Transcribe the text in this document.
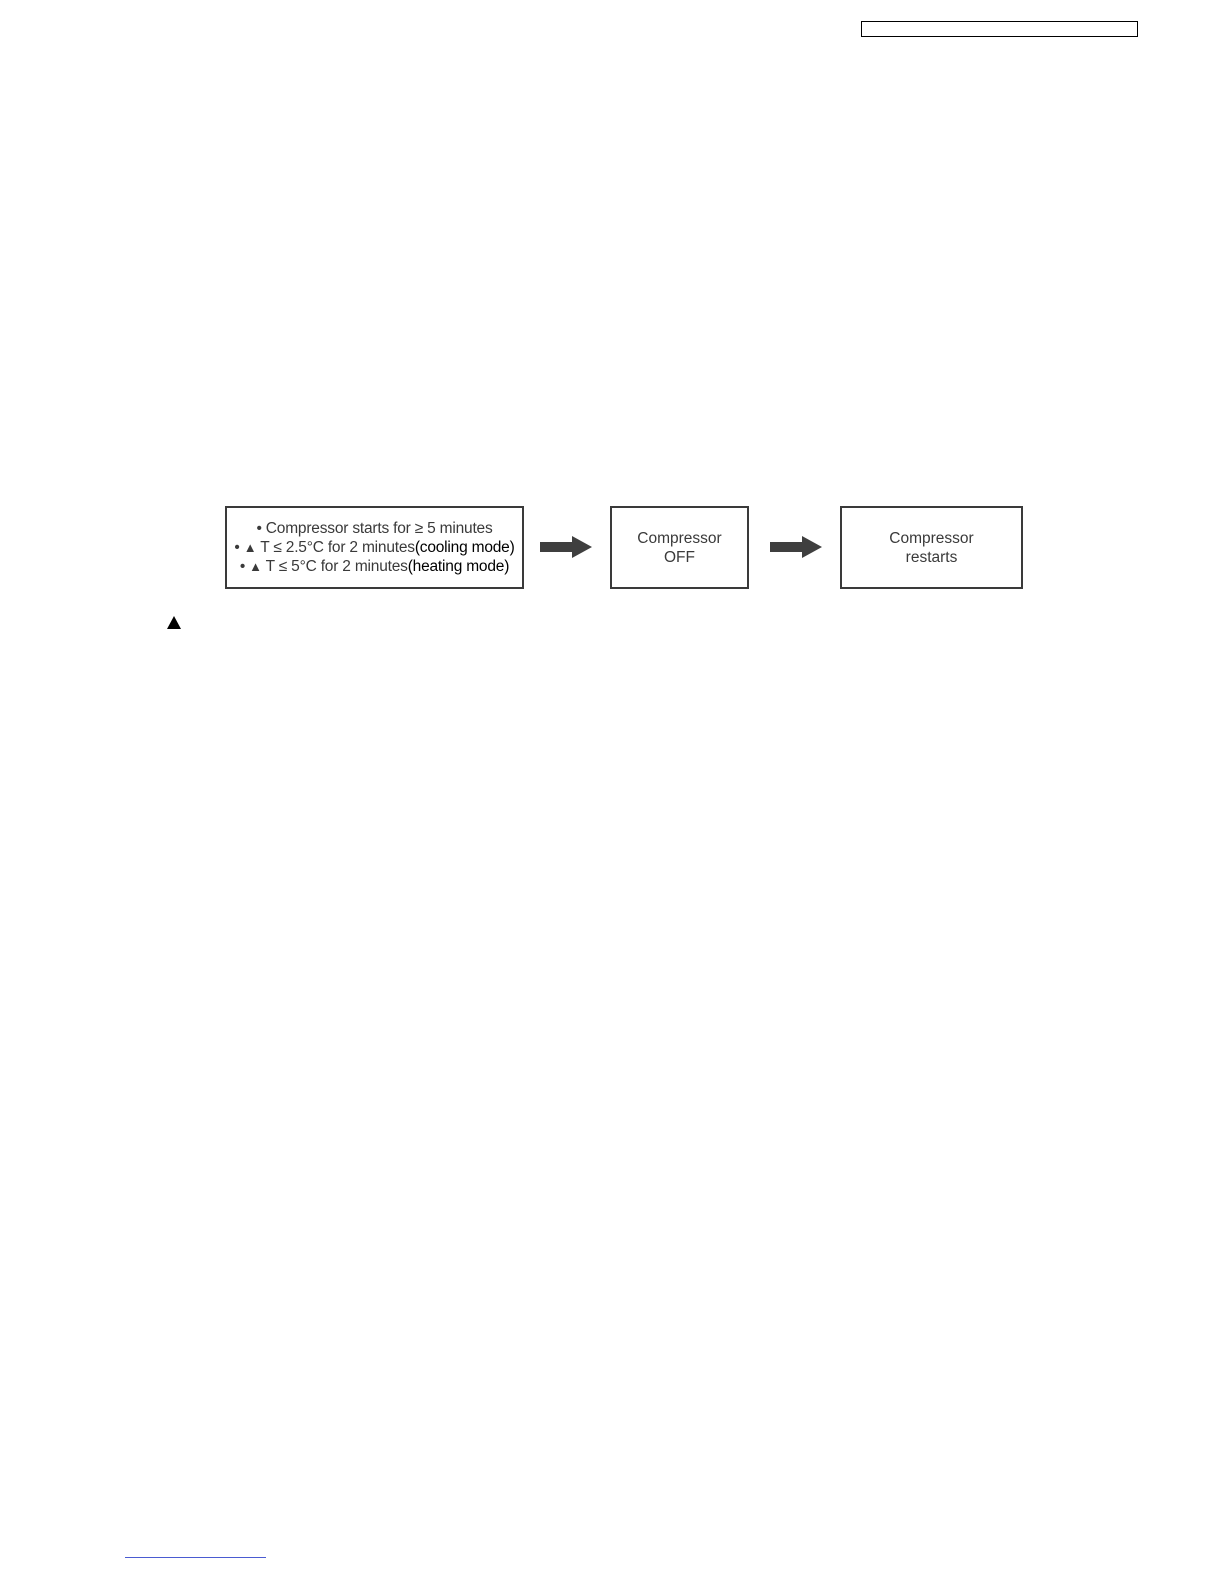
• Compressor starts for ≥ 5 minutes
• ▲ T ≤ 2.5°C for 2 minutes(cooling mode)
• ▲ T ≤ 5°C for 2 minutes(heating mode)
Compressor
OFF
Compressor
restarts
